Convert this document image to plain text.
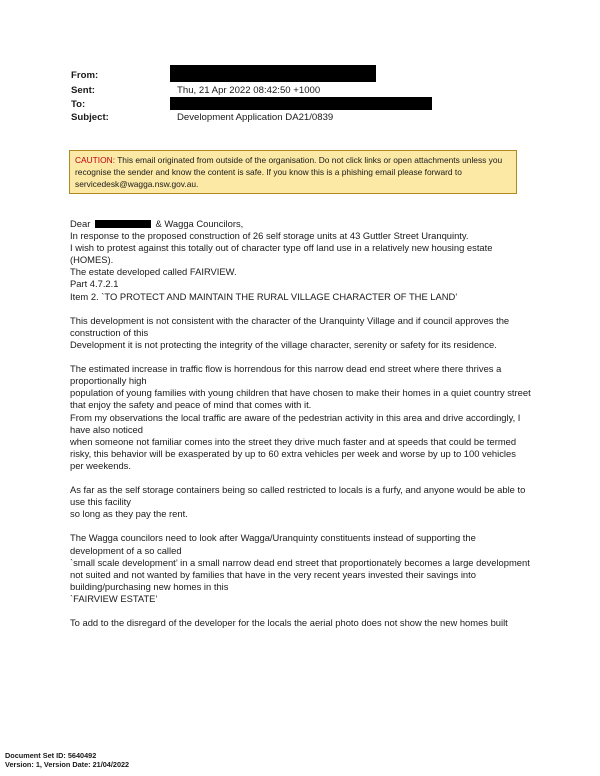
From:
Sent:	Thu, 21 Apr 2022 08:42:50 +1000
To:
Subject:	Development Application DA21/0839
CAUTION: This email originated from outside of the organisation. Do not click links or open attachments unless you recognise the sender and know the content is safe. If you know this is a phishing email please forward to servicedesk@wagga.nsw.gov.au.

Dear	& Wagga Councilors,

In response to the proposed construction of 26 self storage units at 43 Guttler Street Uranquinty.

I wish to protest against this totally out of character type off land use in a relatively new housing estate (HOMES).

The estate developed called FAIRVIEW.

Part 4.7.2.1

Item 2. `TO PROTECT AND MAINTAIN THE RURAL VILLAGE CHARACTER OF THE LAND’

This development is not consistent with the character of the Uranquinty Village and if council approves the construction of this

Development it is not protecting the integrity of the village character, serenity or safety for its residence.

The estimated increase in traffic flow is horrendous for this narrow dead end street where there thrives a proportionally high

population of young families with young children that have chosen to make their homes in a quiet country street that enjoy the safety and peace of mind that comes with it.

From my observations the local traffic are aware of the pedestrian activity in this area and drive accordingly, I have also noticed

when someone not familiar comes into the street they drive much faster and at speeds that could be termed risky, this behavior will be exasperated by up to 60 extra vehicles per week and worse by up to 100 vehicles per weekends.

As far as the self storage containers being so called restricted to locals is a furfy, and anyone would be able to use this facility

so long as they pay the rent.

The Wagga councilors need to look after Wagga/Uranquinty constituents instead of supporting the development of a so called

`small scale development’ in a small narrow dead end street that proportionately becomes a large development not suited and not wanted by families that have in the very recent years invested their savings into building/purchasing new homes in this

`FAIRVIEW ESTATE’

To add to the disregard of the developer for the locals the aerial photo does not show the new homes built

Document Set ID: 5640492
Version: 1, Version Date: 21/04/2022
